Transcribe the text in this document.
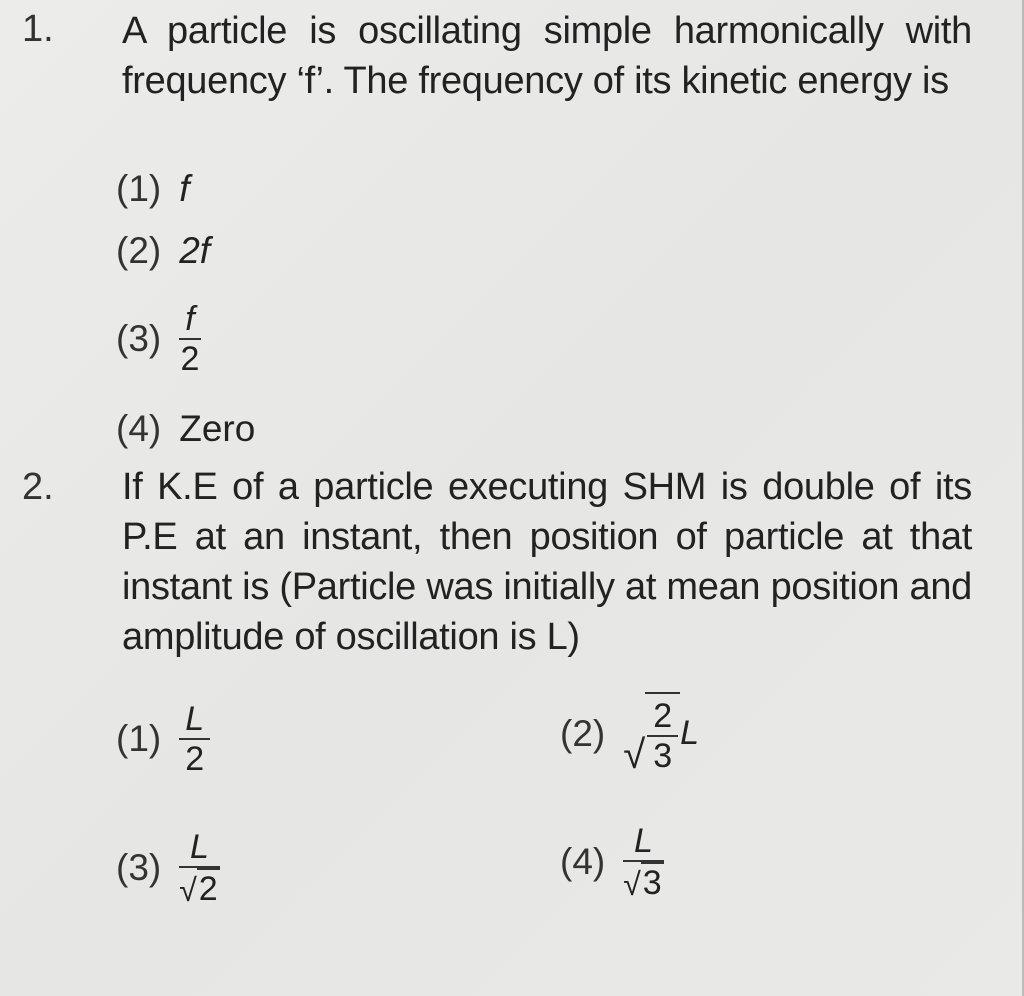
1. A particle is oscillating simple harmonically with frequency ‘f’. The frequency of its kinetic energy is
(1) f
(2) 2f
$(3) \frac{f}{2}$
(4) Zero
2. If K.E of a particle executing SHM is double of its P.E at an instant, then position of particle at that instant is (Particle was initially at mean position and amplitude of oscillation is L)
$(1) \frac{L}{2}$	(2) √ $\frac{2}{3}$ L
$(3) \frac{L}{√ 2}$	$(4) \frac{L}{√ 3}$
